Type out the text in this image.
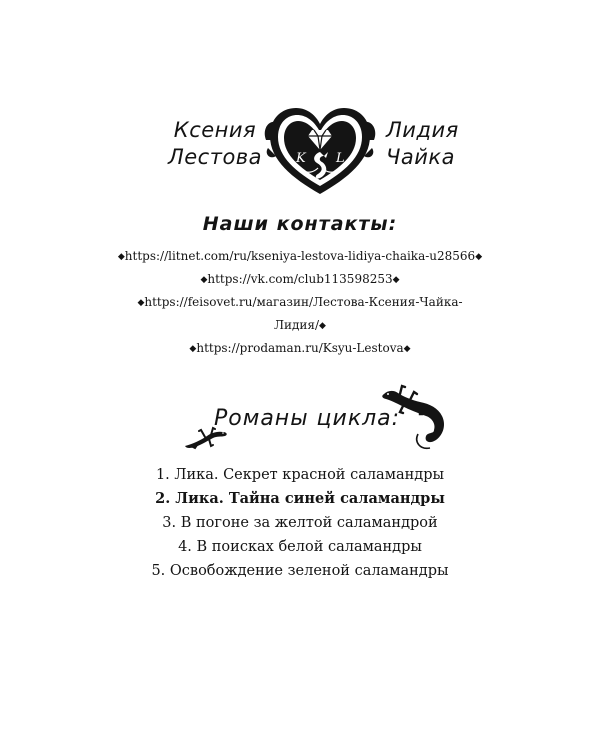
Ксения
Лестова	K L
Лидия
Чайка
Наши контакты:
◆https://litnet.com/ru/kseniya-lestova-lidiya-chaika-u28566◆
◆https://vk.com/club113598253◆
◆https://feisovet.ru/магазин/Лестова-Ксения-Чайка-
Лидия/◆
◆https://prodaman.ru/Ksyu-Lestova◆
Романы цикла:
1. Лика. Секрет красной саламандры
2. Лика. Тайна синей саламандры
3. В погоне за желтой саламандрой
4. В поисках белой саламандры
5. Освобождение зеленой саламандры
